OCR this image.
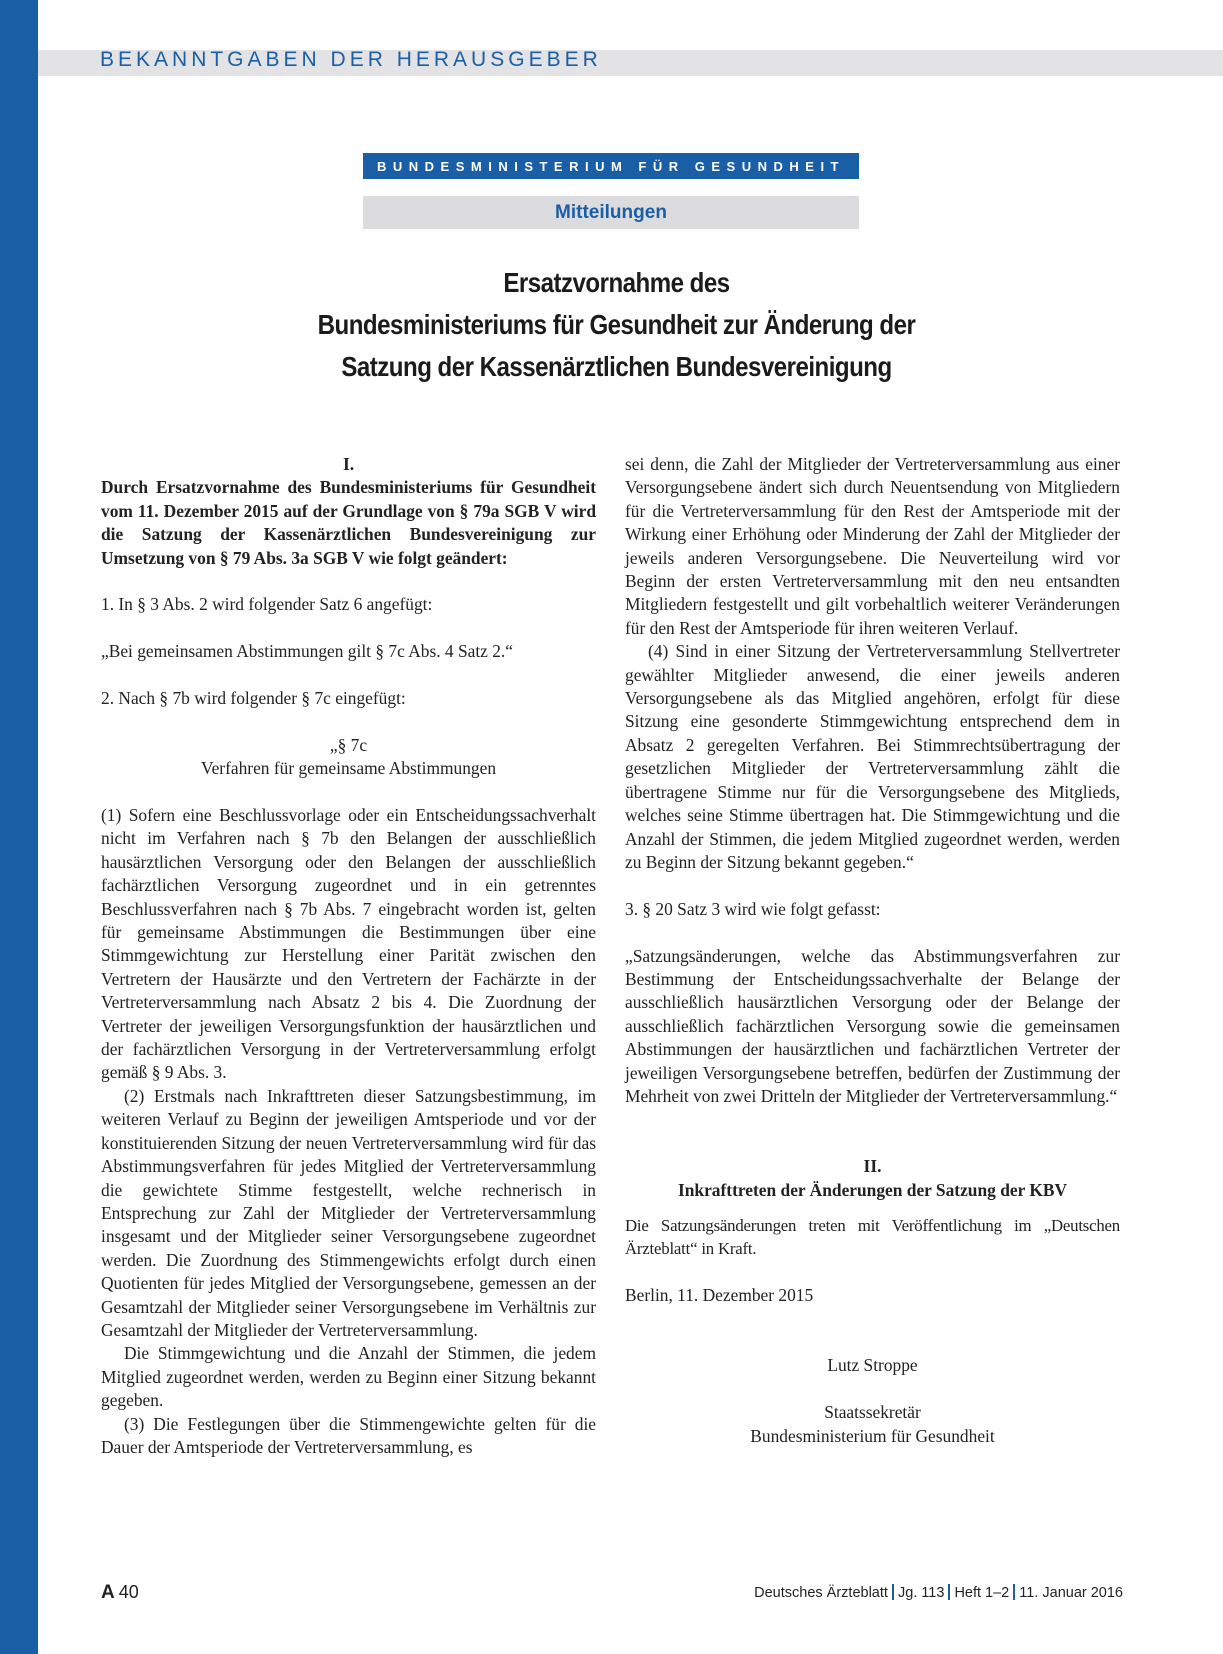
BEKANNTGABEN DER HERAUSGEBER
BUNDESMINISTERIUM FÜR GESUNDHEIT
Mitteilungen
Ersatzvornahme des
Bundesministeriums für Gesundheit zur Änderung der
Satzung der Kassenärztlichen Bundesvereinigung

I.

Durch Ersatzvornahme des Bundesministeriums für Gesundheit vom 11. Dezember 2015 auf der Grundlage von § 79a SGB V wird die Satzung der Kassenärztlichen Bundesvereinigung zur Umsetzung von § 79 Abs. 3a SGB V wie folgt geändert:

1. In § 3 Abs. 2 wird folgender Satz 6 angefügt:

„Bei gemeinsamen Abstimmungen gilt § 7c Abs. 4 Satz 2.“

2. Nach § 7b wird folgender § 7c eingefügt:

„§ 7c

Verfahren für gemeinsame Abstimmungen

(1) Sofern eine Beschlussvorlage oder ein Entscheidungssachverhalt nicht im Verfahren nach § 7b den Belangen der ausschließlich hausärztlichen Versorgung oder den Belangen der ausschließlich fachärztlichen Versorgung zugeordnet und in ein getrenntes Beschlussverfahren nach § 7b Abs. 7 eingebracht worden ist, gelten für gemeinsame Abstimmungen die Bestimmungen über eine Stimmgewichtung zur Herstellung einer Parität zwischen den Vertretern der Hausärzte und den Vertretern der Fachärzte in der Vertreterversammlung nach Absatz 2 bis 4. Die Zuordnung der Vertreter der jeweiligen Versorgungsfunktion der hausärztlichen und der fachärztlichen Versorgung in der Vertreterversammlung erfolgt gemäß § 9 Abs. 3.

(2) Erstmals nach Inkrafttreten dieser Satzungsbestimmung, im weiteren Verlauf zu Beginn der jeweiligen Amtsperiode und vor der konstituierenden Sitzung der neuen Vertreterversammlung wird für das Abstimmungsverfahren für jedes Mitglied der Vertreterversammlung die gewichtete Stimme festgestellt, welche rechnerisch in Entsprechung zur Zahl der Mitglieder der Vertreterversammlung insgesamt und der Mitglieder seiner Versorgungsebene zugeordnet werden. Die Zuordnung des Stimmengewichts erfolgt durch einen Quotienten für jedes Mitglied der Versorgungsebene, gemessen an der Gesamtzahl der Mitglieder seiner Versorgungsebene im Verhältnis zur Gesamtzahl der Mitglieder der Vertreterversammlung.

Die Stimmgewichtung und die Anzahl der Stimmen, die jedem Mitglied zugeordnet werden, werden zu Beginn einer Sitzung bekannt gegeben.

(3) Die Festlegungen über die Stimmengewichte gelten für die Dauer der Amtsperiode der Vertreterversammlung, es

sei denn, die Zahl der Mitglieder der Vertreterversammlung aus einer Versorgungsebene ändert sich durch Neuentsendung von Mitgliedern für die Vertreterversammlung für den Rest der Amtsperiode mit der Wirkung einer Erhöhung oder Minderung der Zahl der Mitglieder der jeweils anderen Versorgungsebene. Die Neuverteilung wird vor Beginn der ersten Vertreterversammlung mit den neu entsandten Mitgliedern festgestellt und gilt vorbehaltlich weiterer Veränderungen für den Rest der Amtsperiode für ihren weiteren Verlauf.

(4) Sind in einer Sitzung der Vertreterversammlung Stellvertreter gewählter Mitglieder anwesend, die einer jeweils anderen Versorgungsebene als das Mitglied angehören, erfolgt für diese Sitzung eine gesonderte Stimmgewichtung entsprechend dem in Absatz 2 geregelten Verfahren. Bei Stimmrechtsübertragung der gesetzlichen Mitglieder der Vertreterversammlung zählt die übertragene Stimme nur für die Versorgungsebene des Mitglieds, welches seine Stimme übertragen hat. Die Stimmgewichtung und die Anzahl der Stimmen, die jedem Mitglied zugeordnet werden, werden zu Beginn der Sitzung bekannt gegeben.“

3. § 20 Satz 3 wird wie folgt gefasst:

„Satzungsänderungen, welche das Abstimmungsverfahren zur Bestimmung der Entscheidungssachverhalte der Belange der ausschließlich hausärztlichen Versorgung oder der Belange der ausschließlich fachärztlichen Versorgung sowie die gemeinsamen Abstimmungen der hausärztlichen und fachärztlichen Vertreter der jeweiligen Versorgungsebene betreffen, bedürfen der Zustimmung der Mehrheit von zwei Dritteln der Mitglieder der Vertreterversammlung.“

II.

Inkrafttreten der Änderungen der Satzung der KBV

Die Satzungsänderungen treten mit Veröffentlichung im „Deutschen Ärzteblatt“ in Kraft.

Berlin, 11. Dezember 2015

Lutz Stroppe

Staatssekretär

Bundesministerium für Gesundheit

A 40	Deutsches Ärzteblatt Jg. 113 Heft 1–2 11. Januar 2016
